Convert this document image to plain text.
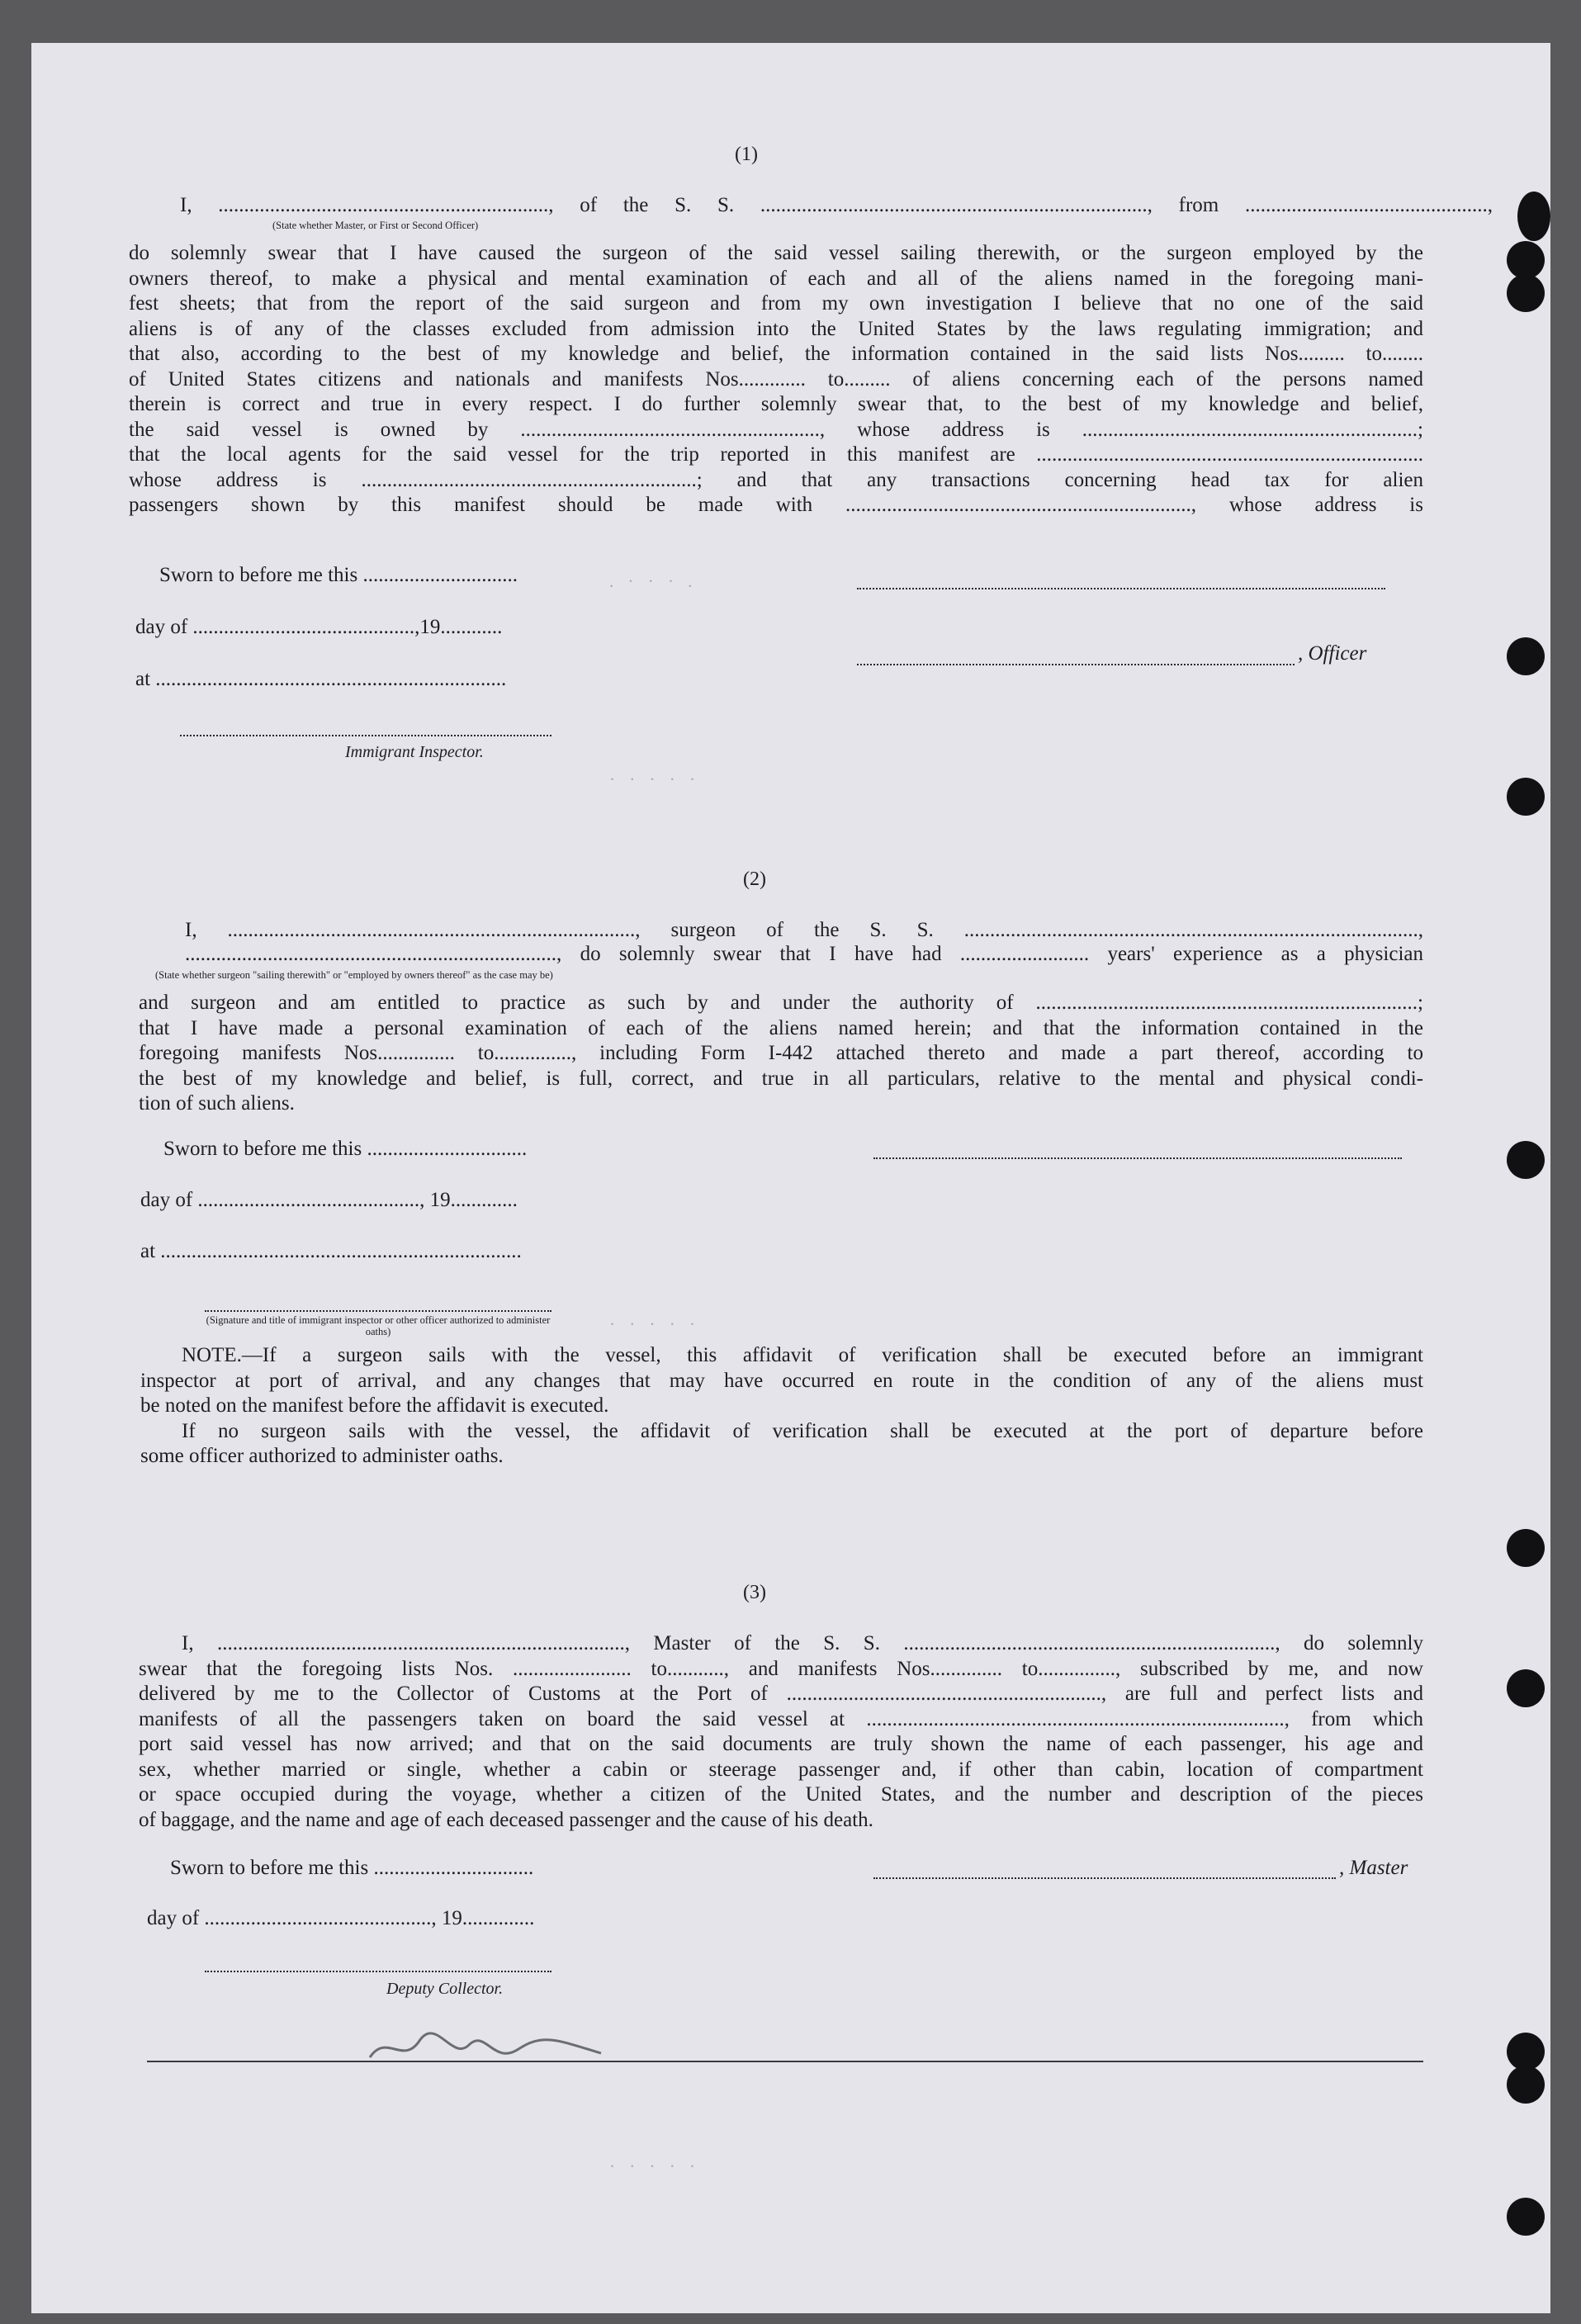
. · · · .
· · · · ·
· · · · ·
· · · · ·
(1)
I, ................................................................, of the S. S. ..........................................................................., from ...............................................,
(State whether Master, or First or Second Officer)
do solemnly swear that I have caused the surgeon of the said vessel sailing therewith, or the surgeon employed by the
owners thereof, to make a physical and mental examination of each and all of the aliens named in the foregoing mani-
fest sheets; that from the report of the said surgeon and from my own investigation I believe that no one of the said
aliens is of any of the classes excluded from admission into the United States by the laws regulating immigration; and
that also, according to the best of my knowledge and belief, the information contained in the said lists Nos......... to........
of United States citizens and nationals and manifests Nos............. to......... of aliens concerning each of the persons named
therein is correct and true in every respect. I do further solemnly swear that, to the best of my knowledge and belief,
the said vessel is owned by .........................................................., whose address is .................................................................;
that the local agents for the said vessel for the trip reported in this manifest are ...........................................................................
whose address is .................................................................; and that any transactions concerning head tax for alien
passengers shown by this manifest should be made with ..................................................................., whose address is
Sworn to before me this ..............................
day of ...........................................,19............
at ....................................................................
Immigrant Inspector.
, Officer
(2)
I, ..............................................................................., surgeon of the S. S. ........................................................................................,
........................................................................, do solemnly swear that I have had ......................... years' experience as a physician
(State whether surgeon "sailing therewith" or "employed by owners thereof" as the case may be)
and surgeon and am entitled to practice as such by and under the authority of ..........................................................................;
that I have made a personal examination of each of the aliens named herein; and that the information contained in the
foregoing manifests Nos............... to..............., including Form I-442 attached thereto and made a part thereof, according to
the best of my knowledge and belief, is full, correct, and true in all particulars, relative to the mental and physical condi-
tion of such aliens.
Sworn to before me this ...............................
day of ..........................................., 19.............
at ......................................................................
(Signature and title of immigrant inspector or other officer authorized to administer oaths)
NOTE.—If a surgeon sails with the vessel, this affidavit of verification shall be executed before an immigrant
inspector at port of arrival, and any changes that may have occurred en route in the condition of any of the aliens must
be noted on the manifest before the affidavit is executed.
If no surgeon sails with the vessel, the affidavit of verification shall be executed at the port of departure before
some officer authorized to administer oaths.
(3)
I, ..............................................................................., Master of the S. S. ........................................................................, do solemnly
swear that the foregoing lists Nos. ....................... to..........., and manifests Nos.............. to..............., subscribed by me, and now
delivered by me to the Collector of Customs at the Port of ............................................................., are full and perfect lists and
manifests of all the passengers taken on board the said vessel at ................................................................................., from which
port said vessel has now arrived; and that on the said documents are truly shown the name of each passenger, his age and
sex, whether married or single, whether a cabin or steerage passenger and, if other than cabin, location of compartment
or space occupied during the voyage, whether a citizen of the United States, and the number and description of the pieces
of baggage, and the name and age of each deceased passenger and the cause of his death.
Sworn to before me this ...............................
day of ............................................, 19..............
Deputy Collector.
, Master
